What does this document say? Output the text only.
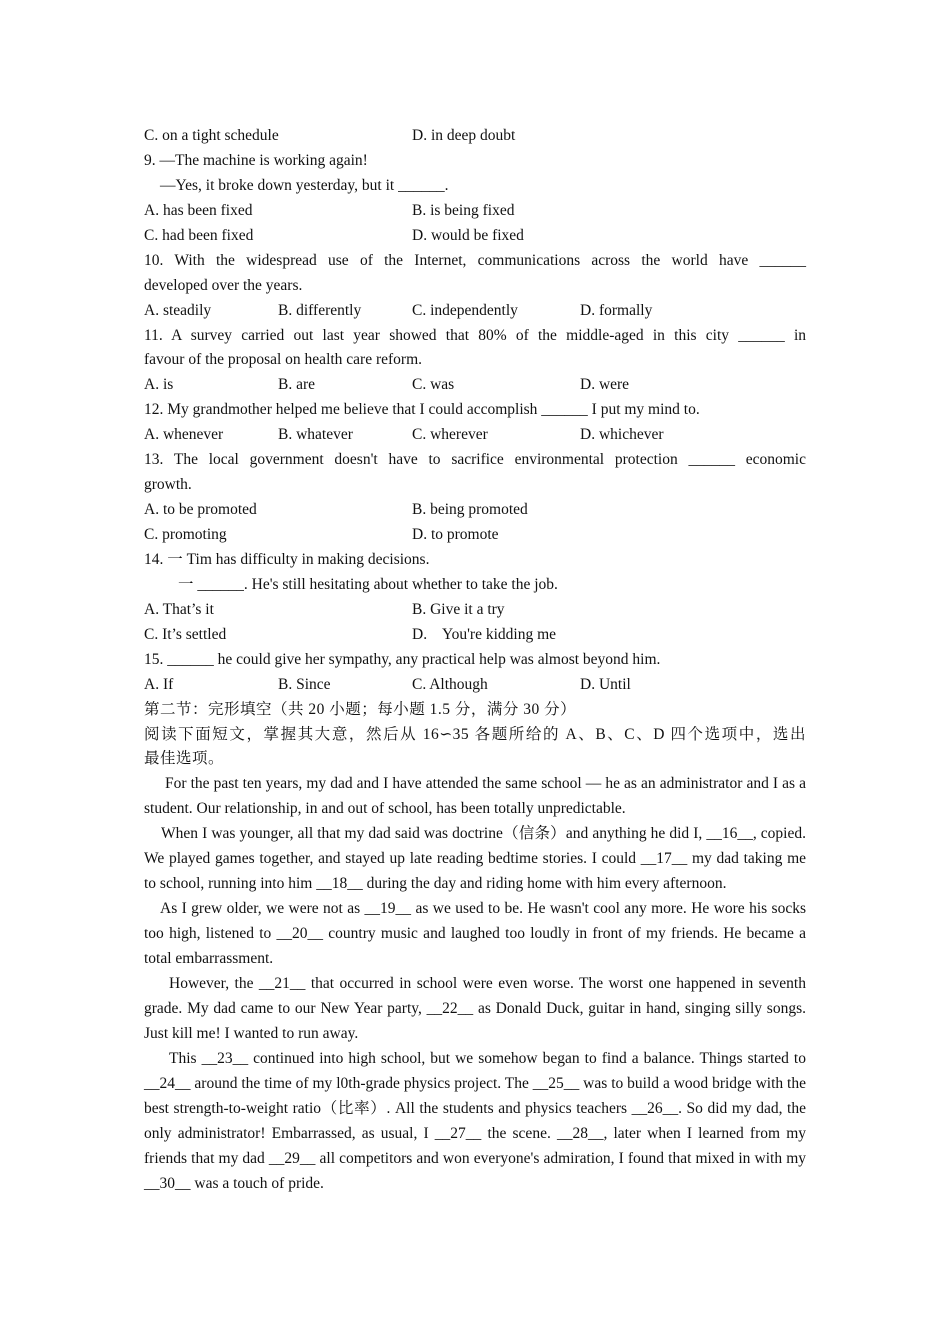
C. on a tight schedule	D. in deep doubt
9. —The machine is working again!
—Yes, it broke down yesterday, but it ______.
A. has been fixed	B. is being fixed
C. had been fixed	D. would be fixed
10. With the widespread use of the Internet, communications across the world have ______
developed over the years.
A. steadily	B. differently	C. independently	D. formally
11. A survey carried out last year showed that 80% of the middle-aged in this city ______ in
favour of the proposal on health care reform.
A. is	B. are	C. was	D. were
12. My grandmother helped me believe that I could accomplish ______ I put my mind to.
A. whenever	B. whatever	C. wherever	D. whichever
13. The local government doesn't have to sacrifice environmental protection ______ economic
growth.
A. to be promoted	B. being promoted
C. promoting	D. to promote
14. 一 Tim has difficulty in making decisions.
一 ______. He's still hesitating about whether to take the job.
A. That’s it	B. Give it a try
C. It’s settled	D.    You're kidding me
15. ______ he could give her sympathy, any practical help was almost beyond him.
A. If	B. Since	C. Although	D. Until
第二节：完形填空（共 20 小题；每小题 1.5 分，满分 30 分）
阅读下面短文，掌握其大意，然后从 16∽35 各题所给的 A、B、C、D 四个选项中，选出
最佳选项。
For the past ten years, my dad and I have attended the same school — he as an administrator and I as a student. Our relationship, in and out of school, has been totally unpredictable.
When I was younger, all that my dad said was doctrine（信条）and anything he did I, __16__, copied. We played games together, and stayed up late reading bedtime stories. I could __17__ my dad taking me to school, running into him __18__ during the day and riding home with him every afternoon.
As I grew older, we were not as __19__ as we used to be. He wasn't cool any more. He wore his socks too high, listened to __20__ country music and laughed too loudly in front of my friends. He became a total embarrassment.
However, the __21__ that occurred in school were even worse. The worst one happened in seventh grade. My dad came to our New Year party, __22__ as Donald Duck, guitar in hand, singing silly songs. Just kill me! I wanted to run away.
This __23__ continued into high school, but we somehow began to find a balance. Things started to __24__ around the time of my l0th-grade physics project. The __25__ was to build a wood bridge with the best strength-to-weight ratio（比率）. All the students and physics teachers __26__. So did my dad, the only administrator! Embarrassed, as usual, I __27__ the scene. __28__, later when I learned from my friends that my dad __29__ all competitors and won everyone's admiration, I found that mixed in with my __30__ was a touch of pride.
